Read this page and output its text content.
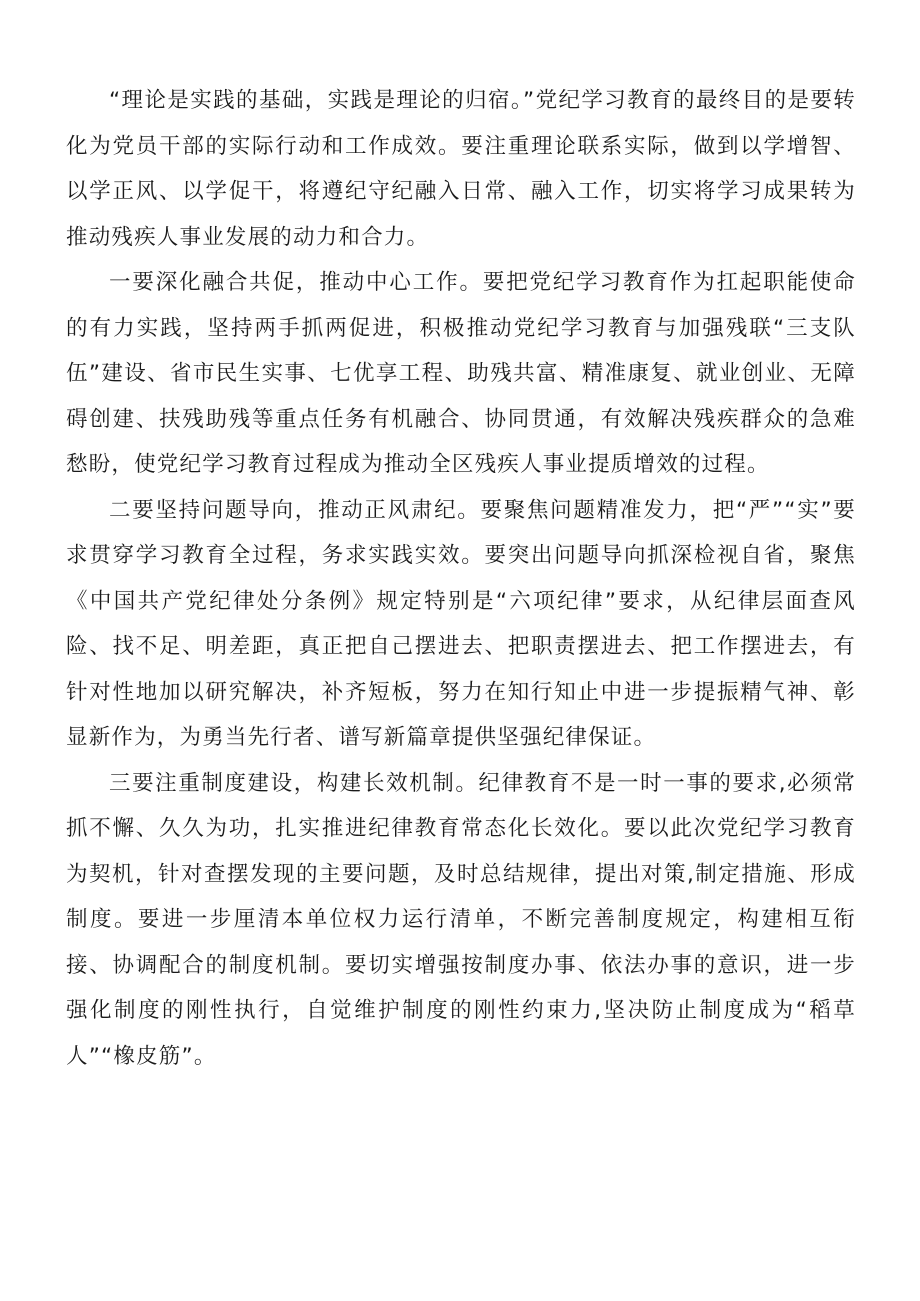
“理论是实践的基础，实践是理论的归宿。”党纪学习教育的最终目的是要转化为党员干部的实际行动和工作成效。要注重理论联系实际，做到以学增智、以学正风、以学促干，将遵纪守纪融入日常、融入工作，切实将学习成果转为推动残疾人事业发展的动力和合力。

一要深化融合共促，推动中心工作。要把党纪学习教育作为扛起职能使命的有力实践，坚持两手抓两促进，积极推动党纪学习教育与加强残联“三支队伍”建设、省市民生实事、七优享工程、助残共富、精准康复、就业创业、无障碍创建、扶残助残等重点任务有机融合、协同贯通，有效解决残疾群众的急难愁盼，使党纪学习教育过程成为推动全区残疾人事业提质增效的过程。

二要坚持问题导向，推动正风肃纪。要聚焦问题精准发力，把“严”“实”要求贯穿学习教育全过程，务求实践实效。要突出问题导向抓深检视自省，聚焦《中国共产党纪律处分条例》规定特别是“六项纪律”要求，从纪律层面查风险、找不足、明差距，真正把自己摆进去、把职责摆进去、把工作摆进去，有针对性地加以研究解决，补齐短板，努力在知行知止中进一步提振精气神、彰显新作为，为勇当先行者、谱写新篇章提供坚强纪律保证。

三要注重制度建设，构建长效机制。纪律教育不是一时一事的要求,必须常抓不懈、久久为功，扎实推进纪律教育常态化长效化。要以此次党纪学习教育为契机，针对查摆发现的主要问题，及时总结规律，提出对策,制定措施、形成制度。要进一步厘清本单位权力运行清单，不断完善制度规定，构建相互衔接、协调配合的制度机制。要切实增强按制度办事、依法办事的意识，进一步强化制度的刚性执行，自觉维护制度的刚性约束力,坚决防止制度成为“稻草人”“橡皮筋”。
